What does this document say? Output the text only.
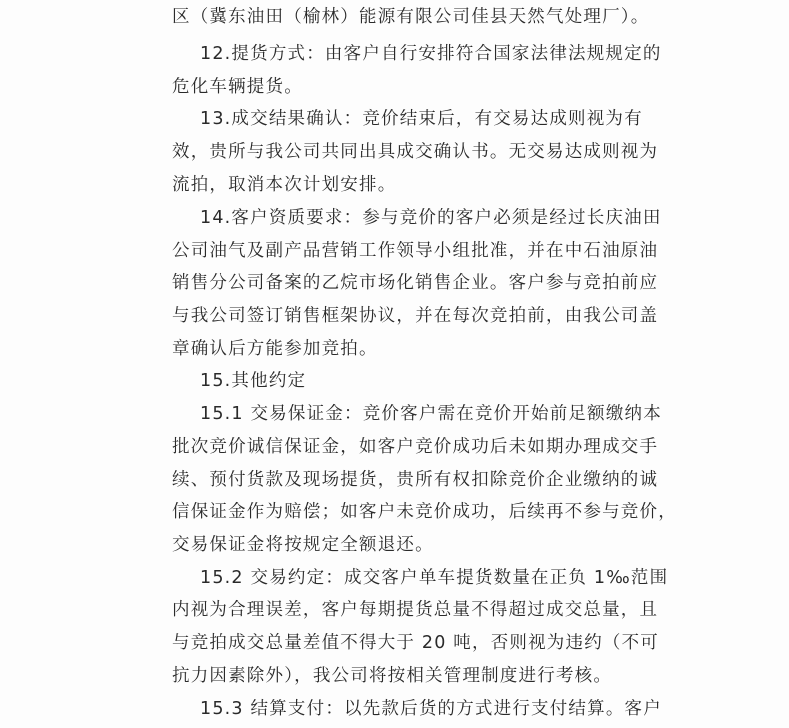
区（冀东油田（榆林）能源有限公司佳县天然气处理厂）。
12.提货方式：由客户自行安排符合国家法律法规规定的
危化车辆提货。
13.成交结果确认：竞价结束后，有交易达成则视为有
效，贵所与我公司共同出具成交确认书。无交易达成则视为
流拍，取消本次计划安排。
14.客户资质要求：参与竞价的客户必须是经过长庆油田
公司油气及副产品营销工作领导小组批准，并在中石油原油
销售分公司备案的乙烷市场化销售企业。客户参与竞拍前应
与我公司签订销售框架协议，并在每次竞拍前，由我公司盖
章确认后方能参加竞拍。
15.其他约定
15.1 交易保证金：竞价客户需在竞价开始前足额缴纳本
批次竞价诚信保证金，如客户竞价成功后未如期办理成交手
续、预付货款及现场提货，贵所有权扣除竞价企业缴纳的诚
信保证金作为赔偿；如客户未竞价成功，后续再不参与竞价，
交易保证金将按规定全额退还。
15.2 交易约定：成交客户单车提货数量在正负 1‰范围
内视为合理误差，客户每期提货总量不得超过成交总量，且
与竞拍成交总量差值不得大于 20 吨，否则视为违约（不可
抗力因素除外），我公司将按相关管理制度进行考核。
15.3 结算支付：以先款后货的方式进行支付结算。客户
